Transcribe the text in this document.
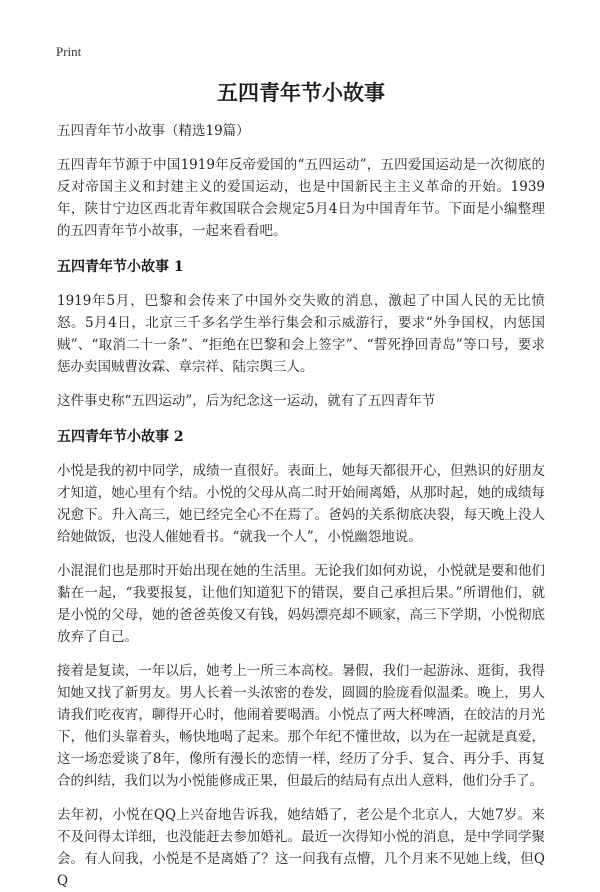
Print
五四青年节小故事
五四青年节小故事（精选19篇）

五四青年节源于中国1919年反帝爱国的“五四运动”，五四爱国运动是一次彻底的反对帝国主义和封建主义的爱国运动，也是中国新民主主义革命的开始。1939年，陕甘宁边区西北青年救国联合会规定5月4日为中国青年节。下面是小编整理的五四青年节小故事，一起来看看吧。

五四青年节小故事 1

1919年5月，巴黎和会传来了中国外交失败的消息，激起了中国人民的无比愤怒。5月4日，北京三千多名学生举行集会和示威游行，要求“外争国权，内惩国贼”、“取消二十一条”、“拒绝在巴黎和会上签字”、“誓死挣回青岛”等口号，要求惩办卖国贼曹汝霖、章宗祥、陆宗舆三人。

这件事史称“五四运动”，后为纪念这一运动，就有了五四青年节

五四青年节小故事 2

小悦是我的初中同学，成绩一直很好。表面上，她每天都很开心，但熟识的好朋友才知道，她心里有个结。小悦的父母从高二时开始闹离婚，从那时起，她的成绩每况愈下。升入高三，她已经完全心不在焉了。爸妈的关系彻底决裂，每天晚上没人给她做饭，也没人催她看书。“就我一个人”，小悦幽怨地说。

小混混们也是那时开始出现在她的生活里。无论我们如何劝说，小悦就是要和他们黏在一起，“我要报复，让他们知道犯下的错误，要自己承担后果。”所谓他们，就是小悦的父母，她的爸爸英俊又有钱，妈妈漂亮却不顾家，高三下学期，小悦彻底放弃了自己。

接着是复读，一年以后，她考上一所三本高校。暑假，我们一起游泳、逛街，我得知她又找了新男友。男人长着一头浓密的卷发，圆圆的脸庞看似温柔。晚上，男人请我们吃夜宵，聊得开心时，他闹着要喝酒。小悦点了两大杯啤酒，在皎洁的月光下，他们头靠着头，畅快地喝了起来。那个年纪不懂世故，以为在一起就是真爱，这一场恋爱谈了8年，像所有漫长的恋情一样，经历了分手、复合、再分手、再复合的纠结，我们以为小悦能修成正果，但最后的结局有点出人意料，他们分手了。

去年初，小悦在QQ上兴奋地告诉我，她结婚了，老公是个北京人，大她7岁。来不及问得太详细，也没能赶去参加婚礼。最近一次得知小悦的消息，是中学同学聚会。有人问我，小悦是不是离婚了？这一问我有点懵，几个月来不见她上线，但QQ
